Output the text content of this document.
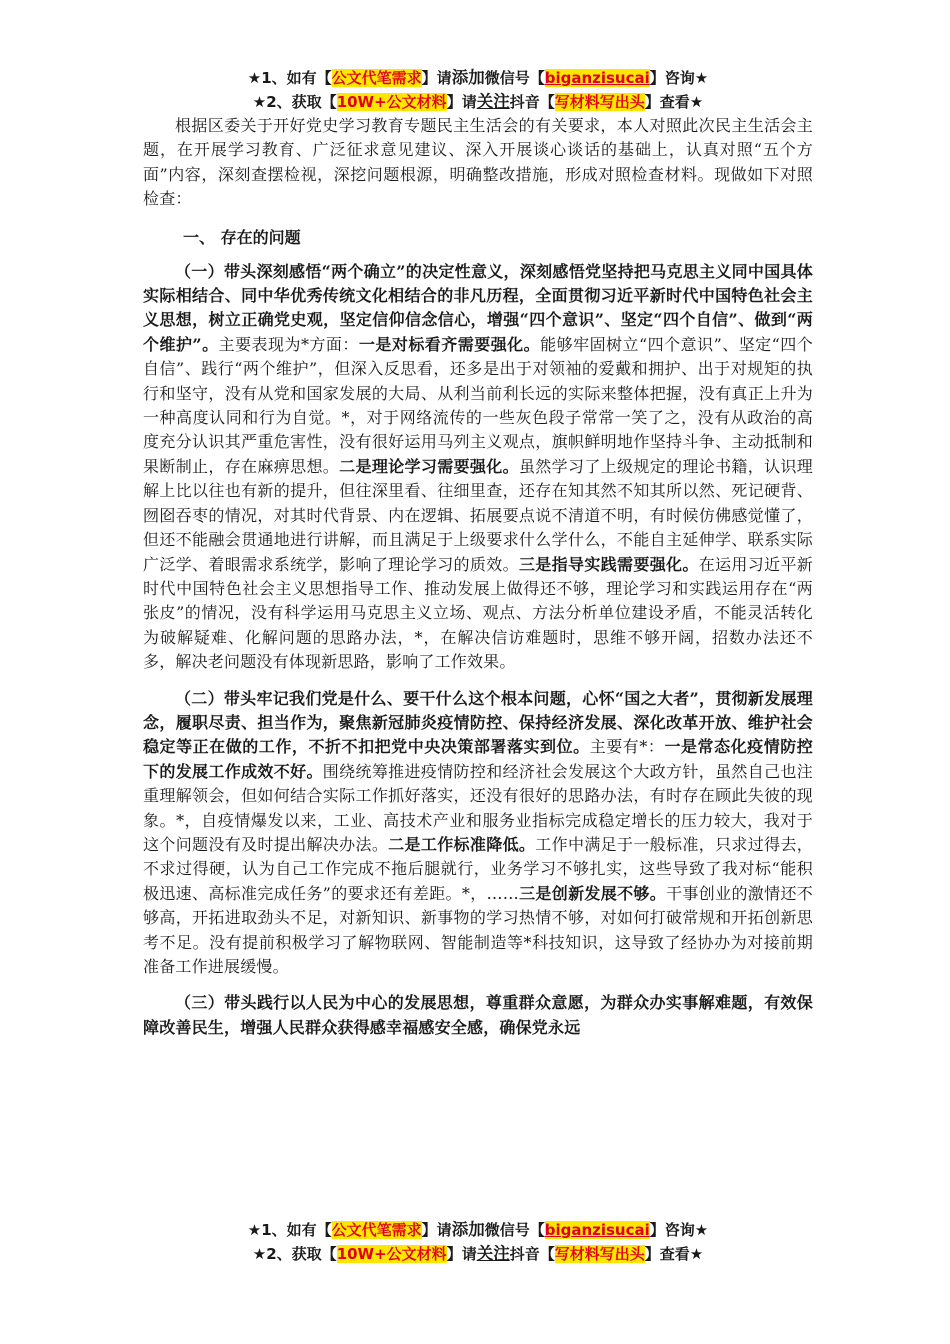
★1、如有【公文代笔需求】请添加微信号【biganzisucai】咨询★
★2、获取【10W+公文材料】请关注抖音【写材料写出头】查看★

根据区委关于开好党史学习教育专题民主生活会的有关要求，本人对照此次民主生活会主题，在开展学习教育、广泛征求意见建议、深入开展谈心谈话的基础上，认真对照“五个方面”内容，深刻查摆检视，深挖问题根源，明确整改措施，形成对照检查材料。现做如下对照检查：

一、 存在的问题

（一）带头深刻感悟“两个确立”的决定性意义，深刻感悟党坚持把马克思主义同中国具体实际相结合、同中华优秀传统文化相结合的非凡历程，全面贯彻习近平新时代中国特色社会主义思想，树立正确党史观，坚定信仰信念信心，增强“四个意识”、坚定“四个自信”、做到“两个维护”。主要表现为*方面：一是对标看齐需要强化。能够牢固树立“四个意识”、坚定“四个自信”、践行“两个维护”，但深入反思看，还多是出于对领袖的爱戴和拥护、出于对规矩的执行和坚守，没有从党和国家发展的大局、从利当前利长远的实际来整体把握，没有真正上升为一种高度认同和行为自觉。*，对于网络流传的一些灰色段子常常一笑了之，没有从政治的高度充分认识其严重危害性，没有很好运用马列主义观点，旗帜鲜明地作坚持斗争、主动抵制和果断制止，存在麻痹思想。二是理论学习需要强化。虽然学习了上级规定的理论书籍，认识理解上比以往也有新的提升，但往深里看、往细里查，还存在知其然不知其所以然、死记硬背、囫囵吞枣的情况，对其时代背景、内在逻辑、拓展要点说不清道不明，有时候仿佛感觉懂了，但还不能融会贯通地进行讲解，而且满足于上级要求什么学什么，不能自主延伸学、联系实际广泛学、着眼需求系统学，影响了理论学习的质效。三是指导实践需要强化。在运用习近平新时代中国特色社会主义思想指导工作、推动发展上做得还不够，理论学习和实践运用存在“两张皮”的情况，没有科学运用马克思主义立场、观点、方法分析单位建设矛盾，不能灵活转化为破解疑难、化解问题的思路办法，*，在解决信访难题时，思维不够开阔，招数办法还不多，解决老问题没有体现新思路，影响了工作效果。

（二）带头牢记我们党是什么、要干什么这个根本问题，心怀“国之大者”，贯彻新发展理念，履职尽责、担当作为，聚焦新冠肺炎疫情防控、保持经济发展、深化改革开放、维护社会稳定等正在做的工作，不折不扣把党中央决策部署落实到位。主要有*：一是常态化疫情防控下的发展工作成效不好。围绕统筹推进疫情防控和经济社会发展这个大政方针，虽然自己也注重理解领会，但如何结合实际工作抓好落实，还没有很好的思路办法，有时存在顾此失彼的现象。*，自疫情爆发以来，工业、高技术产业和服务业指标完成稳定增长的压力较大，我对于这个问题没有及时提出解决办法。二是工作标准降低。工作中满足于一般标准，只求过得去，不求过得硬，认为自己工作完成不拖后腿就行，业务学习不够扎实，这些导致了我对标“能积极迅速、高标准完成任务”的要求还有差距。*，……三是创新发展不够。干事创业的激情还不够高，开拓进取劲头不足，对新知识、新事物的学习热情不够，对如何打破常规和开拓创新思考不足。没有提前积极学习了解物联网、智能制造等*科技知识，这导致了经协办为对接前期准备工作进展缓慢。

（三）带头践行以人民为中心的发展思想，尊重群众意愿，为群众办实事解难题，有效保障改善民生，增强人民群众获得感幸福感安全感，确保党永远

★1、如有【公文代笔需求】请添加微信号【biganzisucai】咨询★
★2、获取【10W+公文材料】请关注抖音【写材料写出头】查看★
